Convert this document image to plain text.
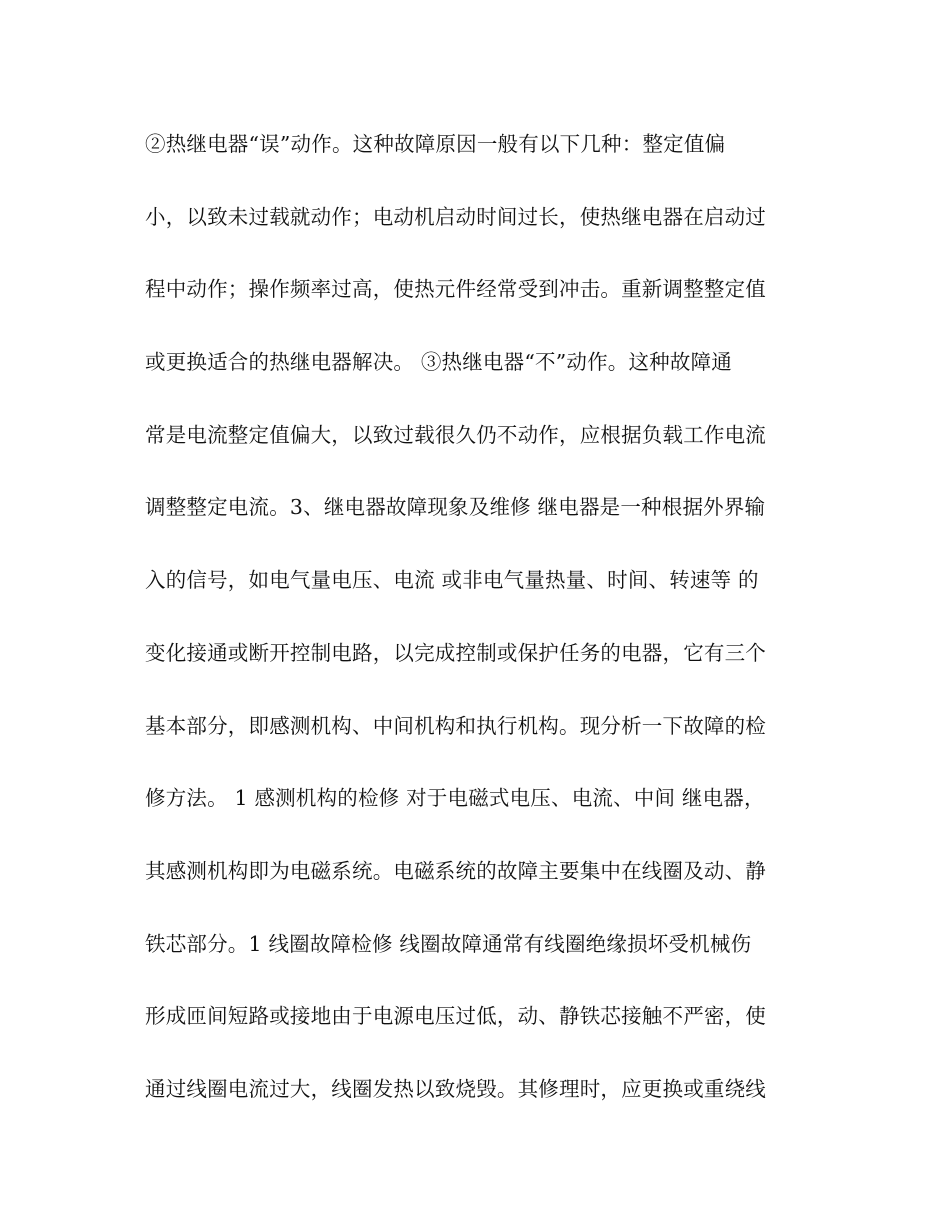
②热继电器“误”动作。这种故障原因一般有以下几种：整定值偏
小，以致未过载就动作；电动机启动时间过长，使热继电器在启动过
程中动作；操作频率过高，使热元件经常受到冲击。重新调整整定值
或更换适合的热继电器解决。 ③热继电器“不”动作。这种故障通
常是电流整定值偏大，以致过载很久仍不动作，应根据负载工作电流
调整整定电流。3、继电器故障现象及维修 继电器是一种根据外界输
入的信号，如电气量电压、电流 或非电气量热量、时间、转速等 的
变化接通或断开控制电路，以完成控制或保护任务的电器，它有三个
基本部分，即感测机构、中间机构和执行机构。现分析一下故障的检
修方法。 1 感测机构的检修 对于电磁式电压、电流、中间 继电器，
其感测机构即为电磁系统。电磁系统的故障主要集中在线圈及动、静
铁芯部分。1 线圈故障检修 线圈故障通常有线圈绝缘损坏受机械伤
形成匝间短路或接地由于电源电压过低，动、静铁芯接触不严密，使
通过线圈电流过大，线圈发热以致烧毁。其修理时，应更换或重绕线
